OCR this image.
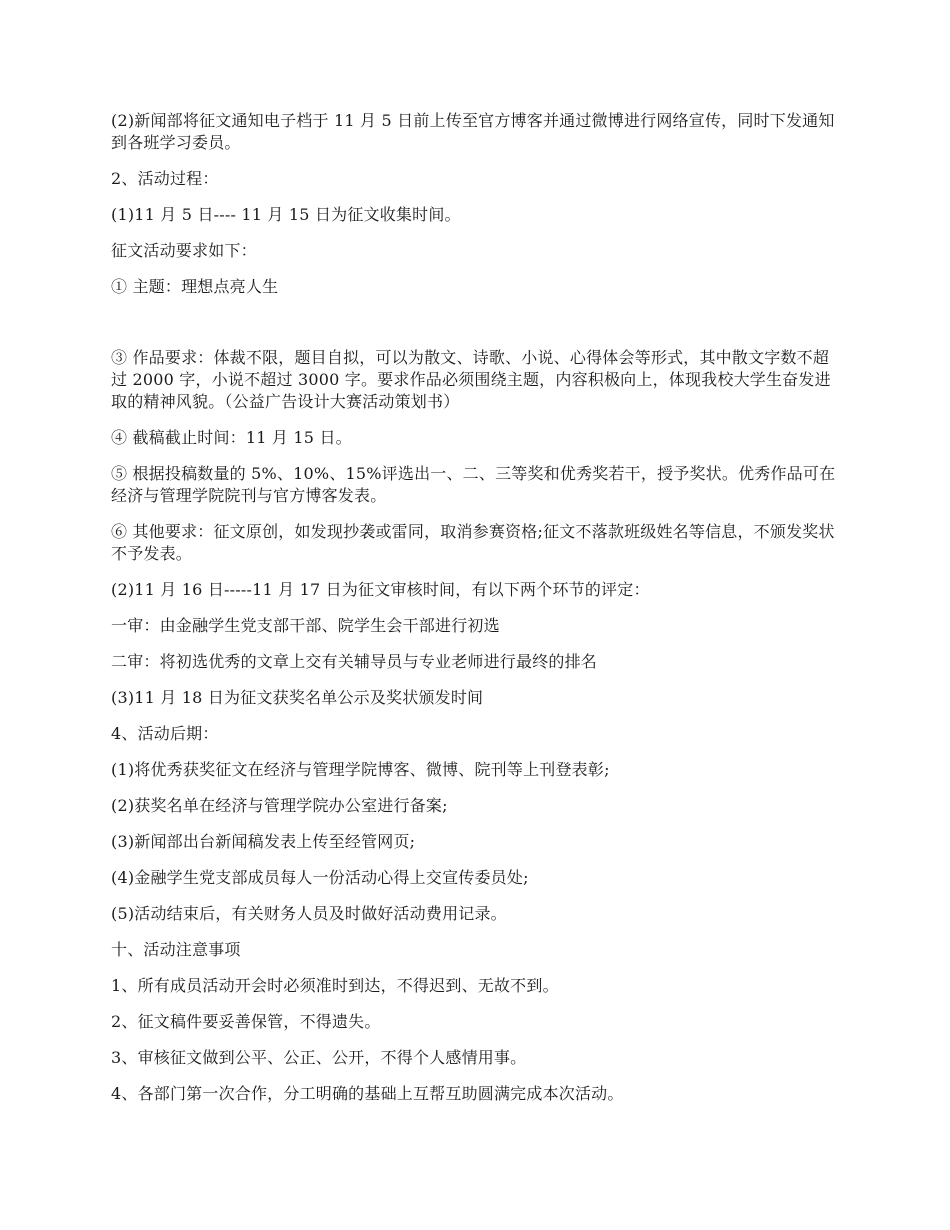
(2)新闻部将征文通知电子档于 11 月 5 日前上传至官方博客并通过微博进行网络宣传，同时下发通知到各班学习委员。

2、活动过程：

(1)11 月 5 日---- 11 月 15 日为征文收集时间。

征文活动要求如下：

① 主题：理想点亮人生

③ 作品要求：体裁不限，题目自拟，可以为散文、诗歌、小说、心得体会等形式，其中散文字数不超过 2000 字，小说不超过 3000 字。要求作品必须围绕主题，内容积极向上，体现我校大学生奋发进取的精神风貌。（公益广告设计大赛活动策划书）

④ 截稿截止时间：11 月 15 日。

⑤ 根据投稿数量的 5%、10%、15%评选出一、二、三等奖和优秀奖若干，授予奖状。优秀作品可在经济与管理学院院刊与官方博客发表。

⑥ 其他要求：征文原创，如发现抄袭或雷同，取消参赛资格;征文不落款班级姓名等信息，不颁发奖状不予发表。

(2)11 月 16 日-----11 月 17 日为征文审核时间，有以下两个环节的评定：

一审：由金融学生党支部干部、院学生会干部进行初选

二审：将初选优秀的文章上交有关辅导员与专业老师进行最终的排名

(3)11 月 18 日为征文获奖名单公示及奖状颁发时间

4、活动后期：

(1)将优秀获奖征文在经济与管理学院博客、微博、院刊等上刊登表彰;

(2)获奖名单在经济与管理学院办公室进行备案;

(3)新闻部出台新闻稿发表上传至经管网页;

(4)金融学生党支部成员每人一份活动心得上交宣传委员处;

(5)活动结束后，有关财务人员及时做好活动费用记录。

十、活动注意事项

1、所有成员活动开会时必须准时到达，不得迟到、无故不到。

2、征文稿件要妥善保管，不得遗失。

3、审核征文做到公平、公正、公开，不得个人感情用事。

4、各部门第一次合作，分工明确的基础上互帮互助圆满完成本次活动。
